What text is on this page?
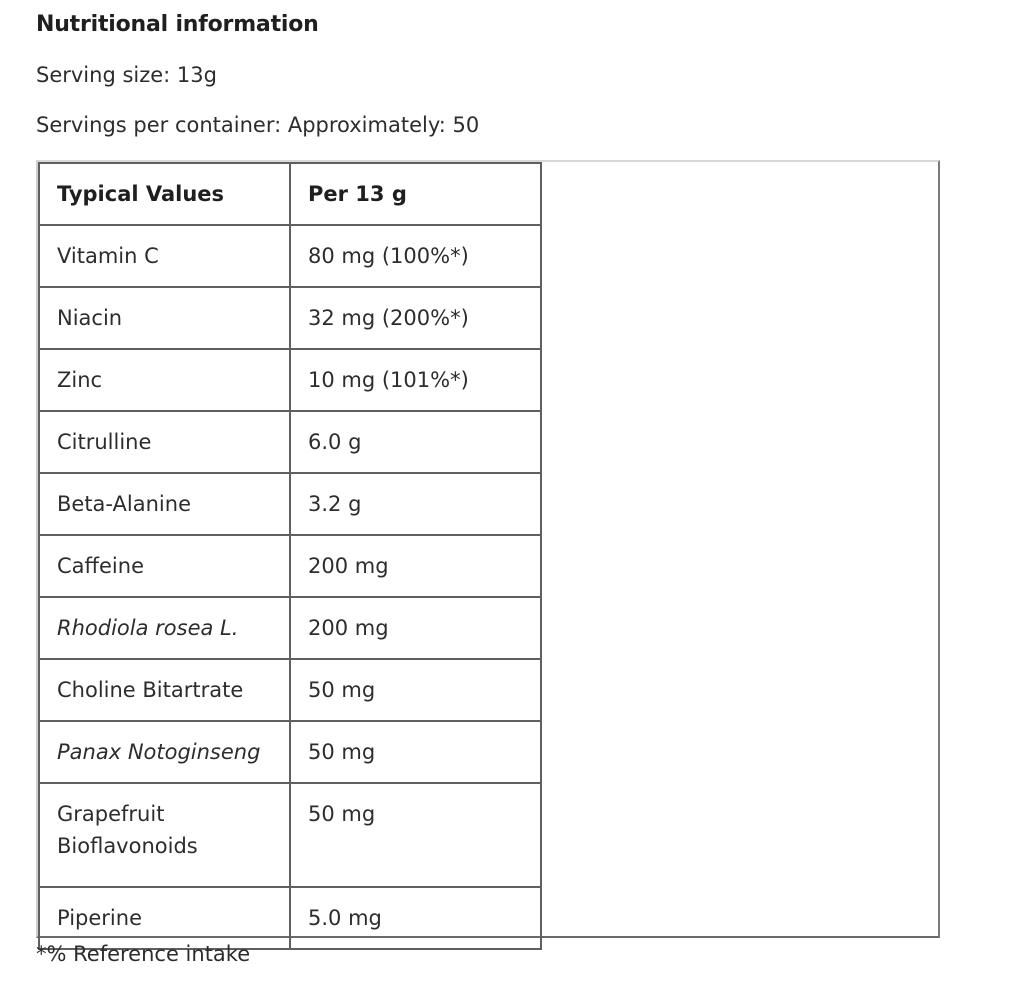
Nutritional information
Serving size: 13g
Servings per container: Approximately: 50
Typical Values	Per 13 g
Vitamin C	80 mg (100%*)
Niacin	32 mg (200%*)
Zinc	10 mg (101%*)
Citrulline	6.0 g
Beta-Alanine	3.2 g
Caffeine	200 mg
Rhodiola rosea L.	200 mg
Choline Bitartrate	50 mg
Panax Notoginseng	50 mg
Grapefruit Bioflavonoids	50 mg
Piperine	5.0 mg
*% Reference intake
